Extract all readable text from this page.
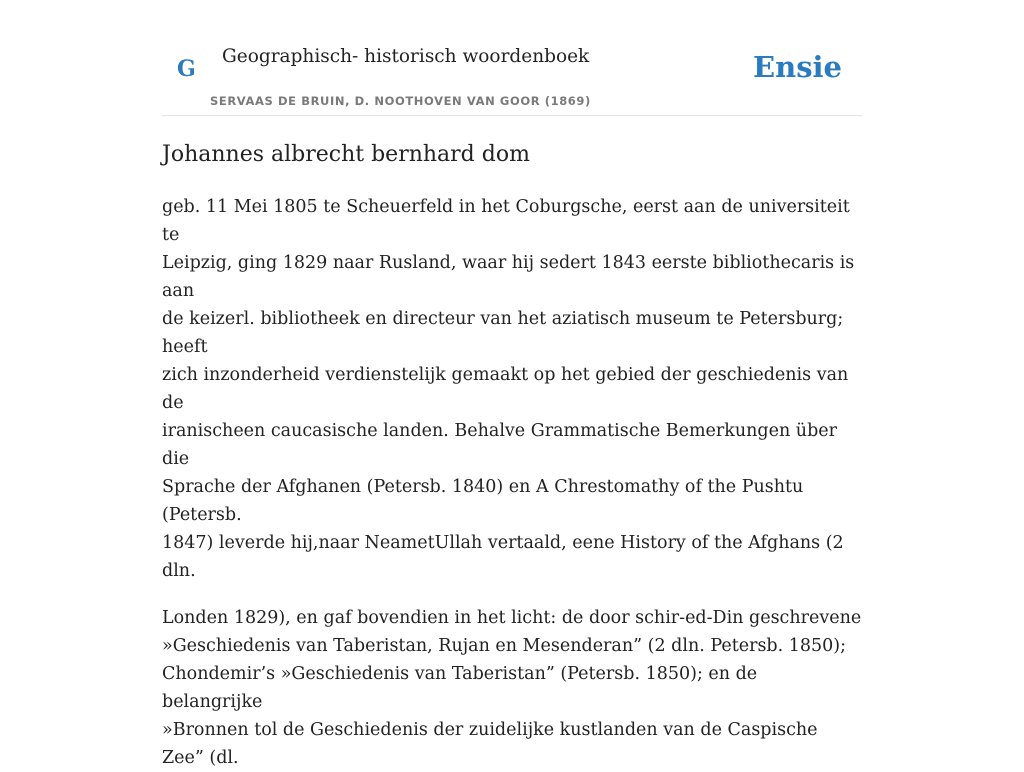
G Geographisch- historisch woordenboek
SERVAAS DE BRUIN, D. NOOTHOVEN VAN GOOR (1869)
Ensie
Johannes albrecht bernhard dom

geb. 11 Mei 1805 te Scheuerfeld in het Coburgsche, eerst aan de universiteit te
Leipzig, ging 1829 naar Rusland, waar hij sedert 1843 eerste bibliothecaris is aan
de keizerl. bibliotheek en directeur van het aziatisch museum te Petersburg; heeft
zich inzonderheid verdienstelijk gemaakt op het gebied der geschiedenis van de
iranischeen caucasische landen. Behalve Grammatische Bemerkungen über die
Sprache der Afghanen (Petersb. 1840) en A Chrestomathy of the Pushtu (Petersb.
1847) leverde hij,naar NeametUllah vertaald, eene History of the Afghans (2 dln.

Londen 1829), en gaf bovendien in het licht: de door schir-ed-Din geschrevene
»Geschiedenis van Taberistan, Rujan en Mesenderan” (2 dln. Petersb. 1850);
Chondemir’s »Geschiedenis van Taberistan” (Petersb. 1850); en de belangrijke
»Bronnen tol de Geschiedenis der zuidelijke kustlanden van de Caspische Zee” (dl.
